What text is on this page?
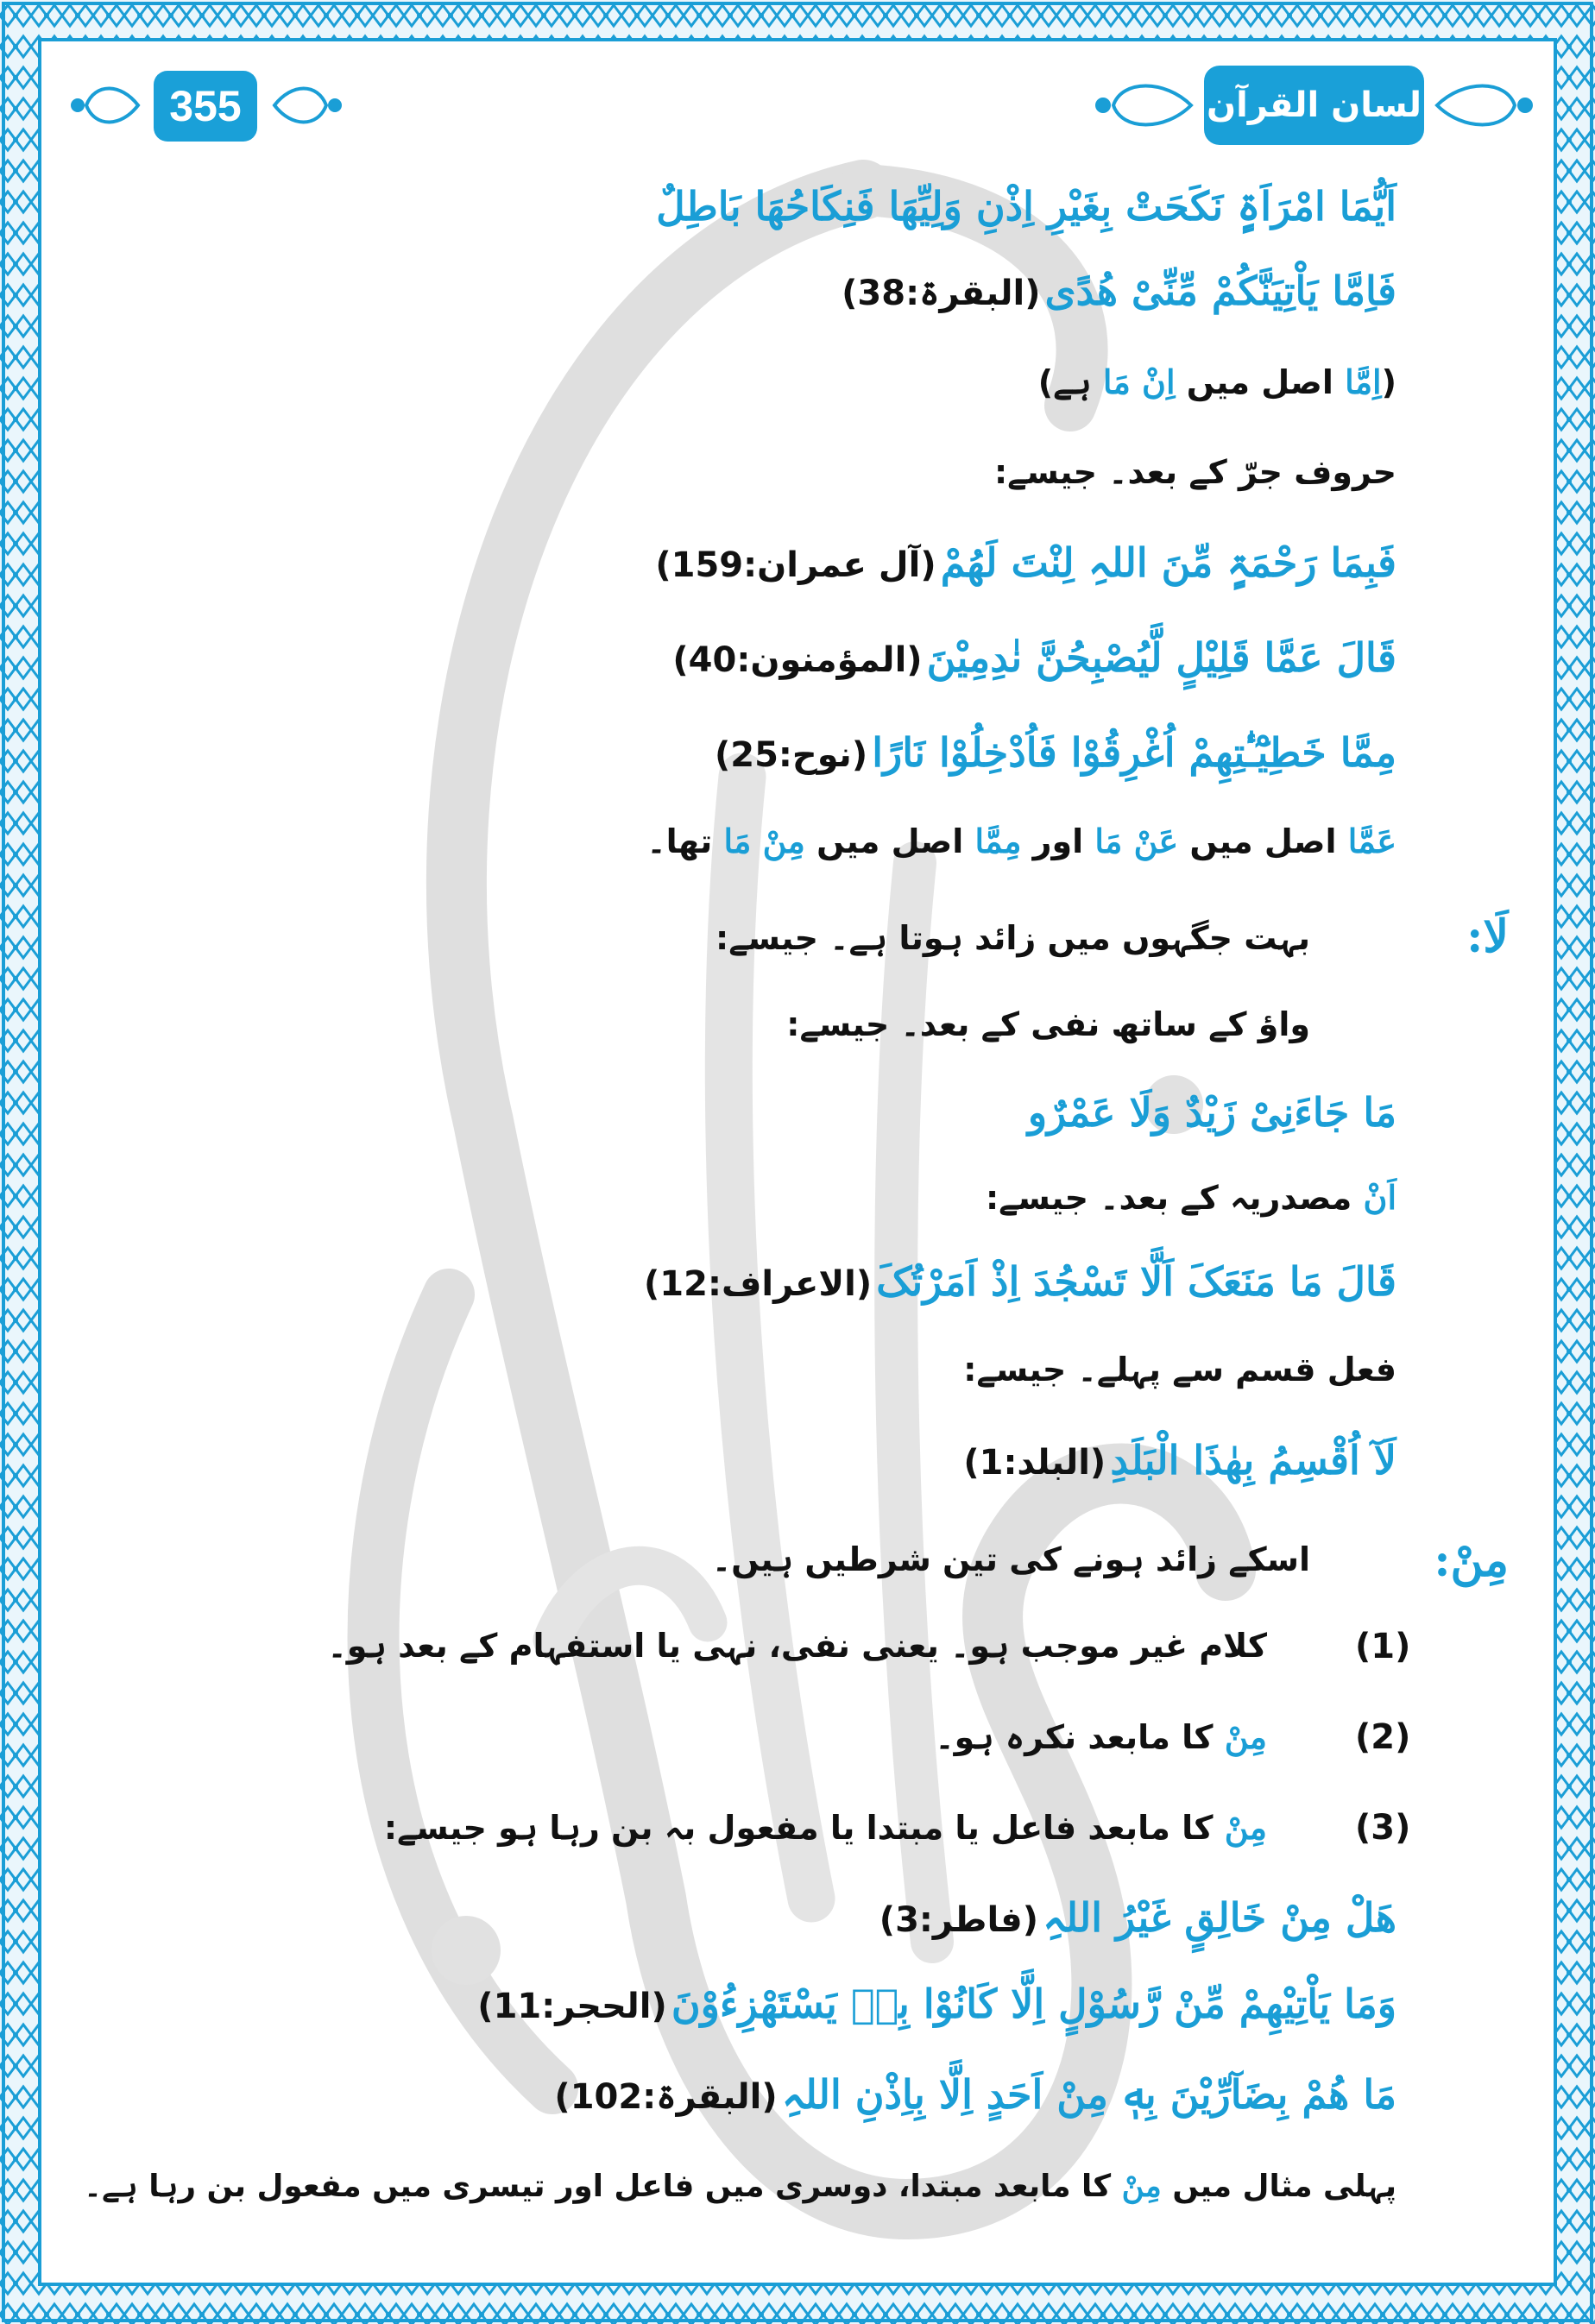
355	لسان القرآن
اَیُّمَا امْرَاَۃٍ نَکَحَتْ بِغَیْرِ اِذْنِ وَلِیِّھَا فَنِکَاحُھَا بَاطِلٌ
فَاِمَّا یَاْتِیَنَّکُمْ مِّنِّیْ ھُدًی (البقرۃ:38)
(اِمَّا اصل میں اِنْ مَا ہے)
حروف جرّ کے بعد۔ جیسے:
فَبِمَا رَحْمَۃٍ مِّنَ اللہِ لِنْتَ لَھُمْ (آل عمران:159)
قَالَ عَمَّا قَلِیْلٍ لَّیُصْبِحُنَّ نٰدِمِیْنَ (المؤمنون:40)
مِمَّا خَطِیْٓـٰٔتِھِمْ اُغْرِقُوْا فَاُدْخِلُوْا نَارًا (نوح:25)
عَمَّا اصل میں عَنْ مَا اور مِمَّا اصل میں مِنْ مَا تھا۔
لَا:
بہت جگہوں میں زائد ہوتا ہے۔ جیسے:
واؤ کے ساتھ نفی کے بعد۔ جیسے:
مَا جَاءَنِیْ زَیْدٌ وَلَا عَمْرٌو
اَنْ مصدریہ کے بعد۔ جیسے:
قَالَ مَا مَنَعَکَ اَلَّا تَسْجُدَ اِذْ اَمَرْتُکَ (الاعراف:12)
فعل قسم سے پہلے۔ جیسے:
لَآ اُقْسِمُ بِھٰذَا الْبَلَدِ (البلد:1)
مِنْ:
اسکے زائد ہونے کی تین شرطیں ہیں۔
(1)
کلام غیر موجب ہو۔ یعنی نفی، نہی یا استفہام کے بعد ہو۔
(2)
مِنْ کا مابعد نکرہ ہو۔
(3)
مِنْ کا مابعد فاعل یا مبتدا یا مفعول بہ بن رہا ہو جیسے:
ھَلْ مِنْ خَالِقٍ غَیْرُ اللہِ (فاطر:3)
وَمَا یَاْتِیْھِمْ مِّنْ رَّسُوْلٍ اِلَّا کَانُوْا بِهٖ یَسْتَھْزِءُوْنَ (الحجر:11)
مَا ھُمْ بِضَآرِّیْنَ بِهٖ مِنْ اَحَدٍ اِلَّا بِاِذْنِ اللہِ (البقرۃ:102)
پہلی مثال میں مِنْ کا مابعد مبتدا، دوسری میں فاعل اور تیسری میں مفعول بن رہا ہے۔
